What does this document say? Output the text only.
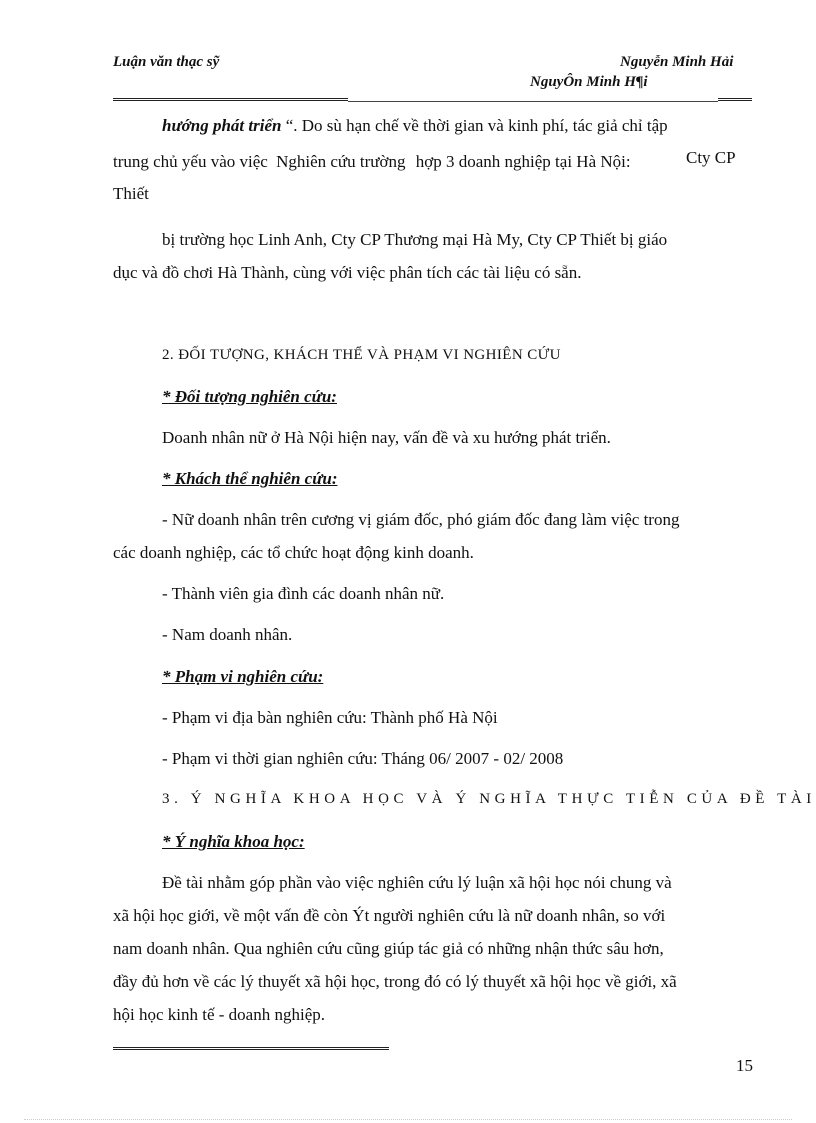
Luận văn thạc sỹ	Nguyễn Minh Hải
NguyÔn Minh H¶i
hướng phát triển “. Do sù hạn chế về thời gian và kinh phí, tác giả chỉ tập
trung chủ yếu vào việc Nghiên cứu trường hợp 3 doanh nghiệp tại Hà Nội:	Cty CP
Thiết
bị trường học Linh Anh, Cty CP Thương mại Hà My, Cty CP Thiết bị giáo
dục và đồ chơi Hà Thành, cùng với việc phân tích các tài liệu có sẵn.
2. ĐỐI TƯỢNG, KHÁCH THỂ VÀ PHẠM VI NGHIÊN CỨU
* Đối tượng nghiên cứu:
Doanh nhân nữ ở Hà Nội hiện nay, vấn đề và xu hướng phát triển.
* Khách thể nghiên cứu:
- Nữ doanh nhân trên cương vị giám đốc, phó giám đốc đang làm việc trong
các doanh nghiệp, các tổ chức hoạt động kinh doanh.
- Thành viên gia đình các doanh nhân nữ.
- Nam doanh nhân.
* Phạm vi nghiên cứu:
- Phạm vi địa bàn nghiên cứu: Thành phố Hà Nội
- Phạm vi thời gian nghiên cứu: Tháng 06/ 2007 - 02/ 2008
3. Ý NGHĨA KHOA HỌC VÀ Ý NGHĨA THỰC TIỄN CỦA ĐỀ TÀI
* Ý nghĩa khoa học:
Đề tài nhằm góp phần vào việc nghiên cứu lý luận xã hội học nói chung và
xã hội học giới, về một vấn đề còn Ýt người nghiên cứu là nữ doanh nhân, so với
nam doanh nhân. Qua nghiên cứu cũng giúp tác giả có những nhận thức sâu hơn,
đầy đủ hơn về các lý thuyết xã hội học, trong đó có lý thuyết xã hội học về giới, xã
hội học kinh tế - doanh nghiệp.
15
